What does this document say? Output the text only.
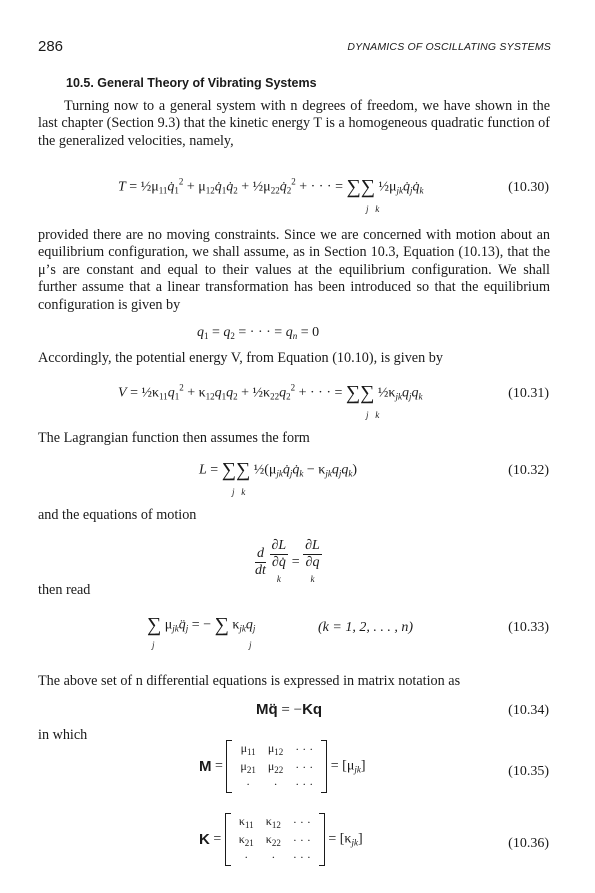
286	DYNAMICS OF OSCILLATING SYSTEMS
10.5. General Theory of Vibrating Systems

Turning now to a general system with n degrees of freedom, we have shown in the last chapter (Section 9.3) that the kinetic energy T is a homogeneous quadratic function of the generalized velocities, namely,

$T = \frac{1}{2}\mu_{11}q̇_1^2$ + $\mu_{12}q̇_1q̇_2$ + $\frac{1}{2}\mu_{22}q̇_2^2$ + · · · = ∑∑ $\frac{1}{2}\mu_{jk}q̇_jq̇_k$
j   k
(10.30)

provided there are no moving constraints. Since we are concerned with motion about an equilibrium configuration, we shall assume, as in Section 10.3, Equation (10.13), that the μ’s are constant and equal to their values at the equilibrium configuration. We shall further assume that a linear transformation has been introduced so that the equilibrium configuration is given by

$q_1 = q_2$ = · · · = $q_n = 0$

Accordingly, the potential energy V, from Equation (10.10), is given by

$V = \frac{1}{2}\kappa_{11}q_1^2 + \kappa_{12}q_1q_2$ + $\frac{1}{2}\kappa_{22}q_2^2$ + · · · = ∑∑ $\frac{1}{2}\kappa_{jk}q_jq_k$
j   k
(10.31)

The Lagrangian function then assumes the form

L = ∑∑ $\frac{1}{2}(\mu_{jk}q̇_jq̇_k - \kappa_{jk}q_jq_k)$
j   k
(10.32)

and the equations of motion

$\frac{d}{dt}$
∂L
∂q̇
k = ∂L
∂q
k

then read

∑ $\mu_{jk}q̈_j$ = − ∑ $\kappa_{jk}q_j$
j	j
(k = 1, 2, . . . , n)	(10.33)

The above set of n differential equations is expressed in matrix notation as

Mq̈ = −Kq	(10.34)

in which

M =
$\mu_{11}$	$\mu_{12}$	· · ·
$\mu_{21}$	$\mu_{22}$	· · ·
·	·	· · ·
= $[\mu_{jk}]$	(10.35)
K =
$\kappa_{11}$	$\kappa_{12}$	· · ·
$\kappa_{21}$	$\kappa_{22}$	· · ·
·	·	· · ·
= $[\kappa_{jk}]$	(10.36)
